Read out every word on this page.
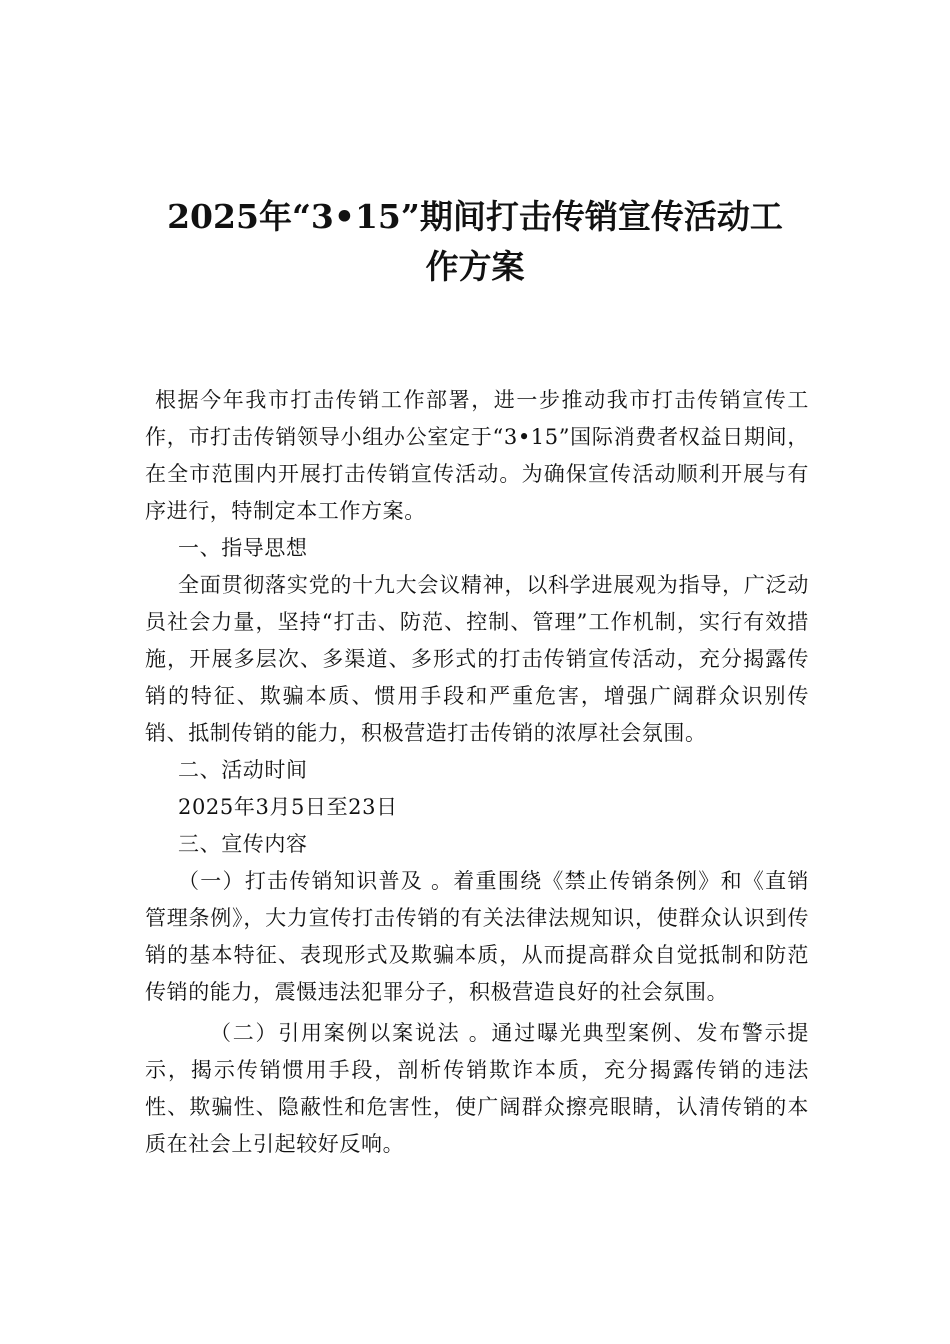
2025年“3•15”期间打击传销宣传活动工
作方案

根据今年我市打击传销工作部署，进一步推动我市打击传销宣传工作，市打击传销领导小组办公室定于“3•15”国际消费者权益日期间，在全市范围内开展打击传销宣传活动。为确保宣传活动顺利开展与有序进行，特制定本工作方案。

一、指导思想

全面贯彻落实党的十九大会议精神，以科学进展观为指导，广泛动员社会力量，坚持“打击、防范、控制、管理”工作机制，实行有效措施，开展多层次、多渠道、多形式的打击传销宣传活动，充分揭露传销的特征、欺骗本质、惯用手段和严重危害，增强广阔群众识别传销、抵制传销的能力，积极营造打击传销的浓厚社会氛围。

二、活动时间

2025年3月5日至23日

三、宣传内容

（一）打击传销知识普及 。着重围绕《禁止传销条例》和《直销管理条例》，大力宣传打击传销的有关法律法规知识，使群众认识到传销的基本特征、表现形式及欺骗本质，从而提高群众自觉抵制和防范传销的能力，震慑违法犯罪分子，积极营造良好的社会氛围。

（二）引用案例以案说法 。通过曝光典型案例、发布警示提示，揭示传销惯用手段，剖析传销欺诈本质，充分揭露传销的违法性、欺骗性、隐蔽性和危害性，使广阔群众擦亮眼睛，认清传销的本质在社会上引起较好反响。
